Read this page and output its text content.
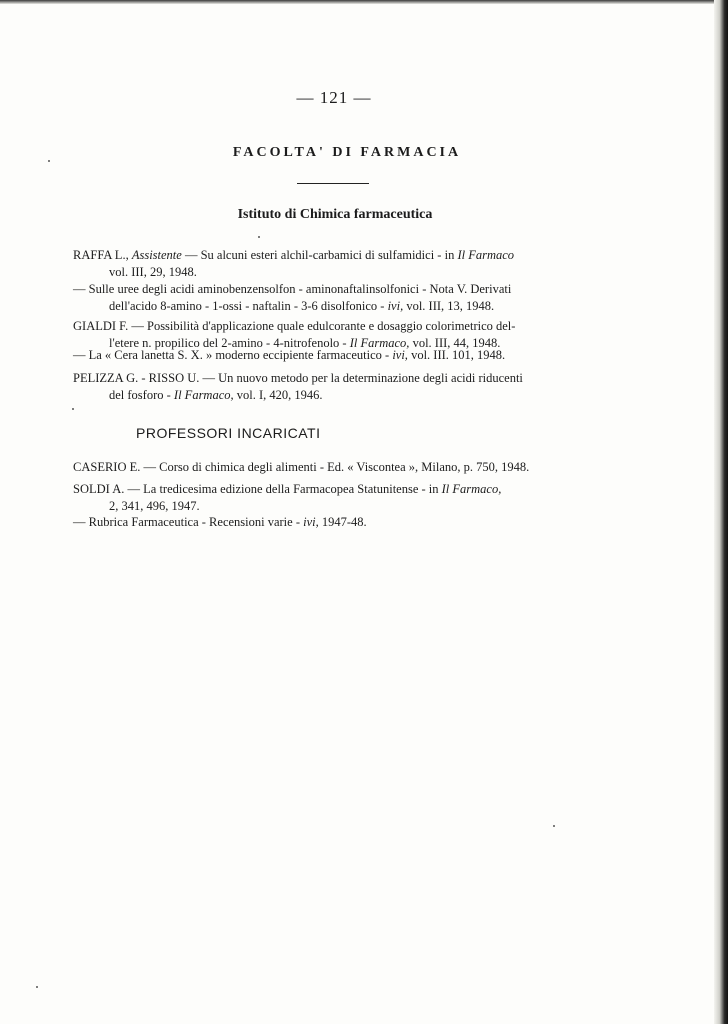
— 121 —
FACOLTA' DI FARMACIA
Istituto di Chimica farmaceutica
RAFFA L., Assistente — Su alcuni esteri alchil-carbamici di sulfamidici - in Il Farmaco
vol. III, 29, 1948.
— Sulle uree degli acidi aminobenzensolfon - aminonaftalinsolfonici - Nota V. Derivati
dell'acido 8-amino - 1-ossi - naftalin - 3-6 disolfonico - ivi, vol. III, 13, 1948.
GIALDI F. — Possibilità d'applicazione quale edulcorante e dosaggio colorimetrico del-
l'etere n. propilico del 2-amino - 4-nitrofenolo - Il Farmaco, vol. III, 44, 1948.
— La « Cera lanetta S. X. » moderno eccipiente farmaceutico - ivi, vol. III. 101, 1948.
PELIZZA G. - RISSO U. — Un nuovo metodo per la determinazione degli acidi riducenti
del fosforo - Il Farmaco, vol. I, 420, 1946.
PROFESSORI INCARICATI
CASERIO E. — Corso di chimica degli alimenti - Ed. « Viscontea », Milano, p. 750, 1948.
SOLDI A. — La tredicesima edizione della Farmacopea Statunitense - in Il Farmaco,
2, 341, 496, 1947.
— Rubrica Farmaceutica - Recensioni varie - ivi, 1947-48.
